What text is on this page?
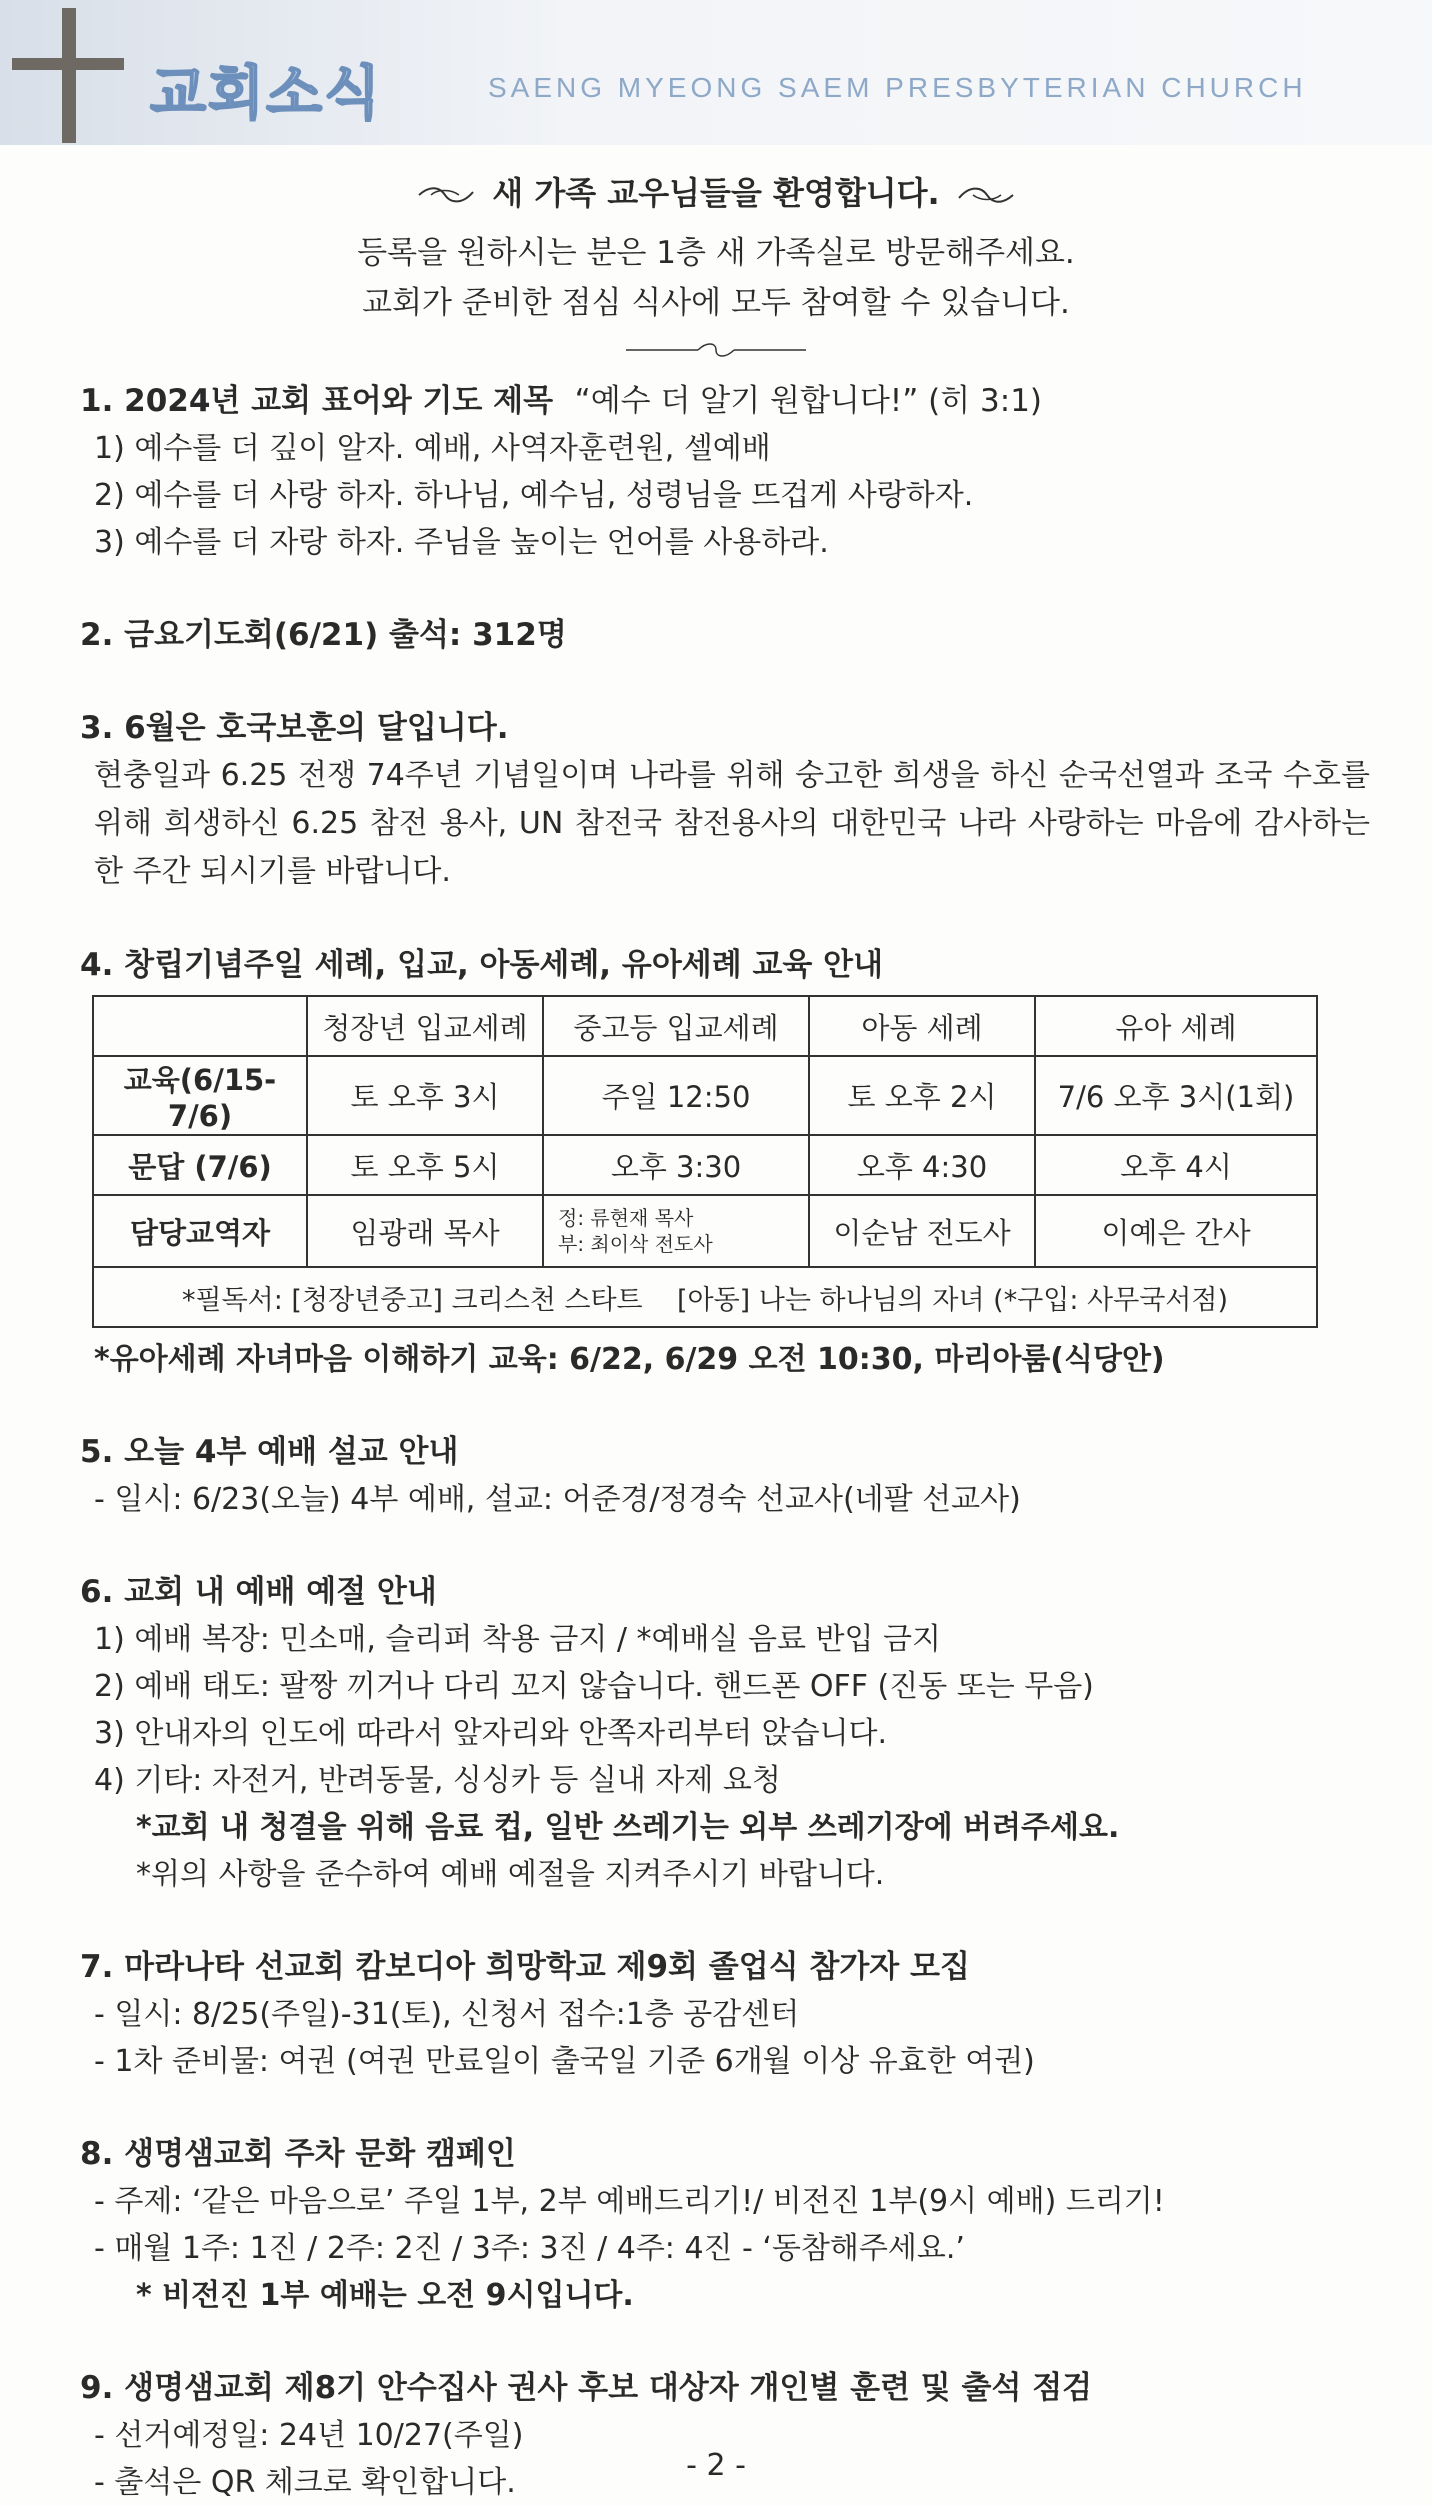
교회소식	SAENG MYEONG SAEM PRESBYTERIAN CHURCH
새 가족 교우님들을 환영합니다.
등록을 원하시는 분은 1층 새 가족실로 방문해주세요.
교회가 준비한 점심 식사에 모두 참여할 수 있습니다.
1. 2024년 교회 표어와 기도 제목 “예수 더 알기 원합니다!” (히 3:1)
1) 예수를 더 깊이 알자. 예배, 사역자훈련원, 셀예배
2) 예수를 더 사랑 하자. 하나님, 예수님, 성령님을 뜨겁게 사랑하자.
3) 예수를 더 자랑 하자. 주님을 높이는 언어를 사용하라.
2. 금요기도회(6/21) 출석: 312명
3. 6월은 호국보훈의 달입니다.
현충일과 6.25 전쟁 74주년 기념일이며 나라를 위해 숭고한 희생을 하신 순국선열과 조국 수호를 위해 희생하신 6.25 참전 용사, UN 참전국 참전용사의 대한민국 나라 사랑하는 마음에 감사하는 한 주간 되시기를 바랍니다.
4. 창립기념주일 세례, 입교, 아동세례, 유아세례 교육 안내
	청장년 입교세례	중고등 입교세례	아동 세례	유아 세례
교육(6/15-7/6)	토 오후 3시	주일 12:50	토 오후 2시	7/6 오후 3시(1회)
문답 (7/6)	토 오후 5시	오후 3:30	오후 4:30	오후 4시
담당교역자	임광래 목사	정: 류현재 목사
부: 최이삭 전도사	이순남 전도사	이예은 간사
*필독서: [청장년중고] 크리스천 스타트    [아동] 나는 하나님의 자녀 (*구입: 사무국서점)				
*유아세례 자녀마음 이해하기 교육: 6/22, 6/29 오전 10:30, 마리아룸(식당안)
5. 오늘 4부 예배 설교 안내
- 일시: 6/23(오늘) 4부 예배, 설교: 어준경/정경숙 선교사(네팔 선교사)
6. 교회 내 예배 예절 안내
1) 예배 복장: 민소매, 슬리퍼 착용 금지 / *예배실 음료 반입 금지
2) 예배 태도: 팔짱 끼거나 다리 꼬지 않습니다. 핸드폰 OFF (진동 또는 무음)
3) 안내자의 인도에 따라서 앞자리와 안쪽자리부터 앉습니다.
4) 기타: 자전거, 반려동물, 싱싱카 등 실내 자제 요청
*교회 내 청결을 위해 음료 컵, 일반 쓰레기는 외부 쓰레기장에 버려주세요.
*위의 사항을 준수하여 예배 예절을 지켜주시기 바랍니다.
7. 마라나타 선교회 캄보디아 희망학교 제9회 졸업식 참가자 모집
- 일시: 8/25(주일)-31(토), 신청서 접수:1층 공감센터
- 1차 준비물: 여권 (여권 만료일이 출국일 기준 6개월 이상 유효한 여권)
8. 생명샘교회 주차 문화 캠페인
- 주제: ‘같은 마음으로’ 주일 1부, 2부 예배드리기!/ 비전진 1부(9시 예배) 드리기!
- 매월 1주: 1진 / 2주: 2진 / 3주: 3진 / 4주: 4진 - ‘동참해주세요.’
* 비전진 1부 예배는 오전 9시입니다.
9. 생명샘교회 제8기 안수집사 권사 후보 대상자 개인별 훈련 및 출석 점검
- 선거예정일: 24년 10/27(주일)
- 출석은 QR 체크로 확인합니다.	- 2 -
